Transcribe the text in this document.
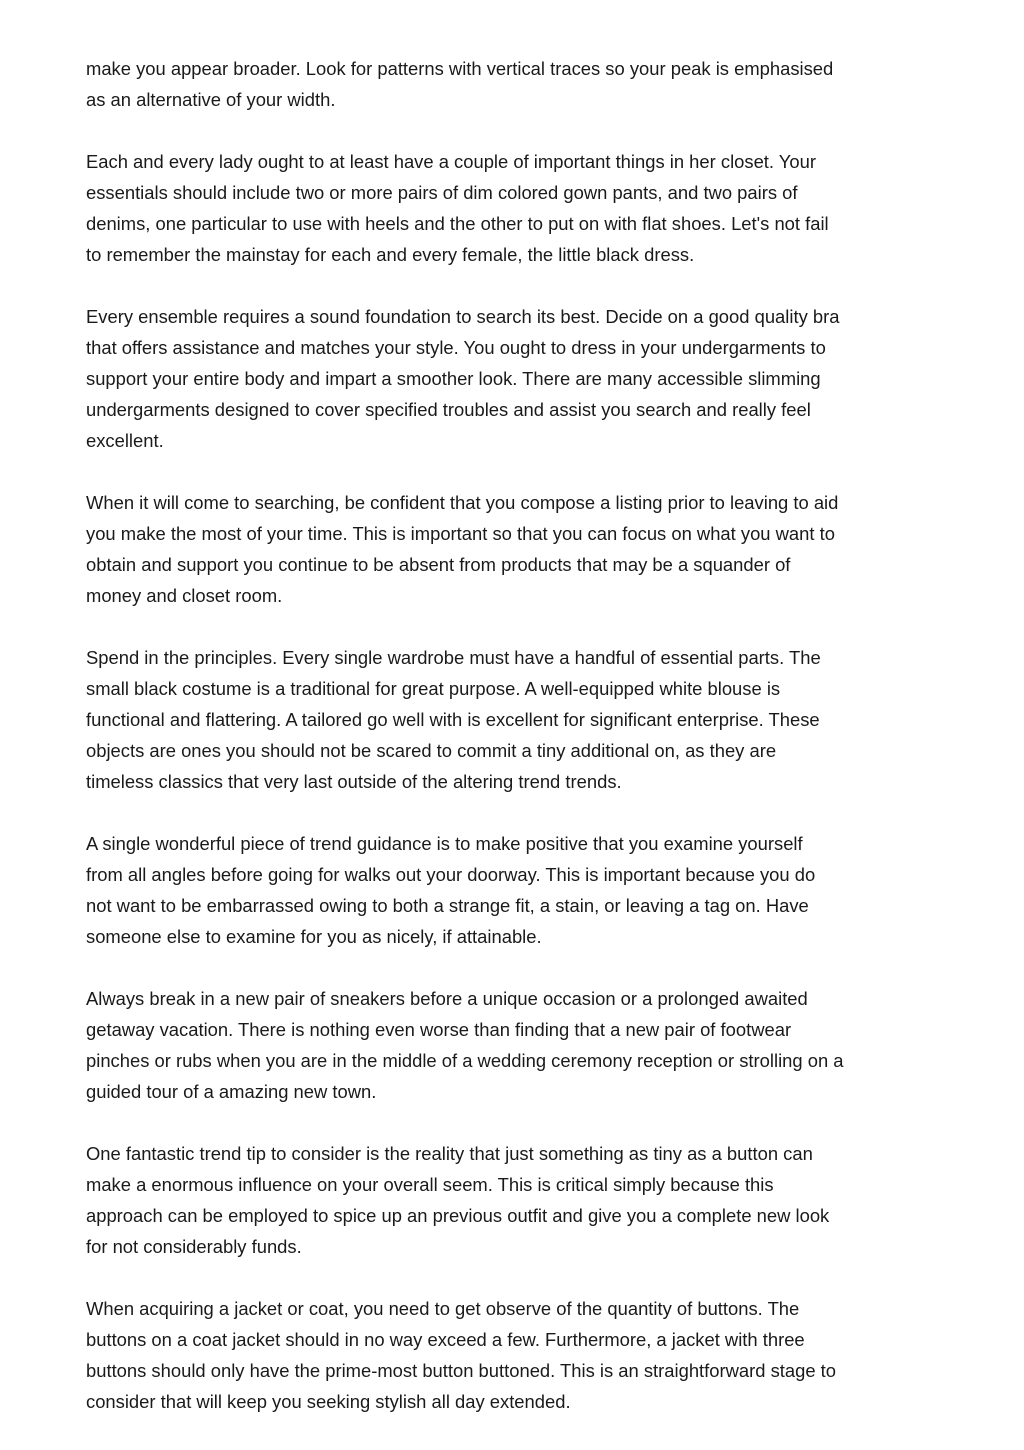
make you appear broader. Look for patterns with vertical traces so your peak is emphasised
as an alternative of your width.
Each and every lady ought to at least have a couple of important things in her closet. Your
essentials should include two or more pairs of dim colored gown pants, and two pairs of
denims, one particular to use with heels and the other to put on with flat shoes. Let's not fail
to remember the mainstay for each and every female, the little black dress.
Every ensemble requires a sound foundation to search its best. Decide on a good quality bra
that offers assistance and matches your style. You ought to dress in your undergarments to
support your entire body and impart a smoother look. There are many accessible slimming
undergarments designed to cover specified troubles and assist you search and really feel
excellent.
When it will come to searching, be confident that you compose a listing prior to leaving to aid
you make the most of your time. This is important so that you can focus on what you want to
obtain and support you continue to be absent from products that may be a squander of
money and closet room.
Spend in the principles. Every single wardrobe must have a handful of essential parts. The
small black costume is a traditional for great purpose. A well-equipped white blouse is
functional and flattering. A tailored go well with is excellent for significant enterprise. These
objects are ones you should not be scared to commit a tiny additional on, as they are
timeless classics that very last outside of the altering trend trends.
A single wonderful piece of trend guidance is to make positive that you examine yourself
from all angles before going for walks out your doorway. This is important because you do
not want to be embarrassed owing to both a strange fit, a stain, or leaving a tag on. Have
someone else to examine for you as nicely, if attainable.
Always break in a new pair of sneakers before a unique occasion or a prolonged awaited
getaway vacation. There is nothing even worse than finding that a new pair of footwear
pinches or rubs when you are in the middle of a wedding ceremony reception or strolling on a
guided tour of a amazing new town.
One fantastic trend tip to consider is the reality that just something as tiny as a button can
make a enormous influence on your overall seem. This is critical simply because this
approach can be employed to spice up an previous outfit and give you a complete new look
for not considerably funds.
When acquiring a jacket or coat, you need to get observe of the quantity of buttons. The
buttons on a coat jacket should in no way exceed a few. Furthermore, a jacket with three
buttons should only have the prime-most button buttoned. This is an straightforward stage to
consider that will keep you seeking stylish all day extended.
